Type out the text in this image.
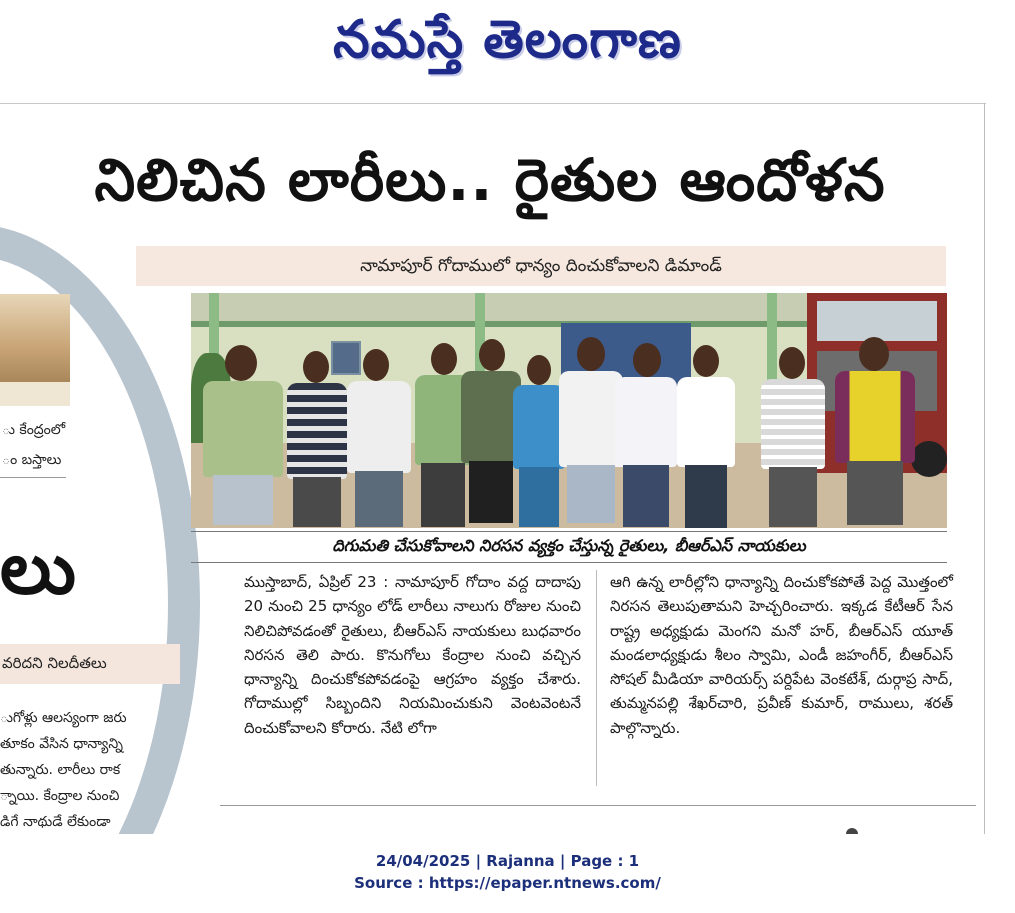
నమస్తే తెలంగాణ
ు కేంద్రంలో
ం బస్తాలు
లు
వరిదని నిలదీతలు
ుగోళ్లు ఆలస్యంగా జరు
తూకం వేసిన ధాన్యాన్ని
తున్నారు. లారీలు రాక
్నాయి. కేంద్రాల నుంచి
డిగే నాథుడే లేకుండా
నిలిచిన లారీలు.. రైతుల ఆందోళన
నామాపూర్ గోదాములో ధాన్యం దించుకోవాలని డిమాండ్
దిగుమతి చేసుకోవాలని నిరసన వ్యక్తం చేస్తున్న రైతులు, బీఆర్ఎస్ నాయకులు

ముస్తాబాద్, ఏప్రిల్ 23 : నామాపూర్ గోదాం వద్ద దాదాపు 20 నుంచి 25 ధాన్యం లోడ్ లారీలు నాలుగు రోజుల నుంచి నిలిచిపోవడంతో రైతులు, బీఆర్ఎస్ నాయకులు బుధవారం నిరసన తెలి పారు. కొనుగోలు కేంద్రాల నుంచి వచ్చిన ధాన్యాన్ని దించుకోకపోవడంపై ఆగ్రహం వ్యక్తం చేశారు. గోదాముల్లో సిబ్బందిని నియమించుకుని వెంటవెంటనే దించుకోవాలని కోరారు. నేటి లోగా

ఆగి ఉన్న లారీల్లోని ధాన్యాన్ని దించుకోకపోతే పెద్ద మొత్తంలో నిరసన తెలుపుతామని హెచ్చరించారు. ఇక్కడ కేటీఆర్ సేన రాష్ట్ర అధ్యక్షుడు మెంగని మనో హర్, బీఆర్ఎస్ యూత్ మండలాధ్యక్షుడు శీలం స్వామి, ఎండీ జహంగీర్, బీఆర్ఎస్ సోషల్ మీడియా వారియర్స్ పర్దిపేట వెంకటేశ్, దుర్గాప్ర సాద్, తుమ్మనపల్లి శేఖర్‌చారి, ప్రవీణ్ కుమార్, రాములు, శరత్ పాల్గొన్నారు.

24/04/2025 | Rajanna | Page : 1
Source : https://epaper.ntnews.com/
